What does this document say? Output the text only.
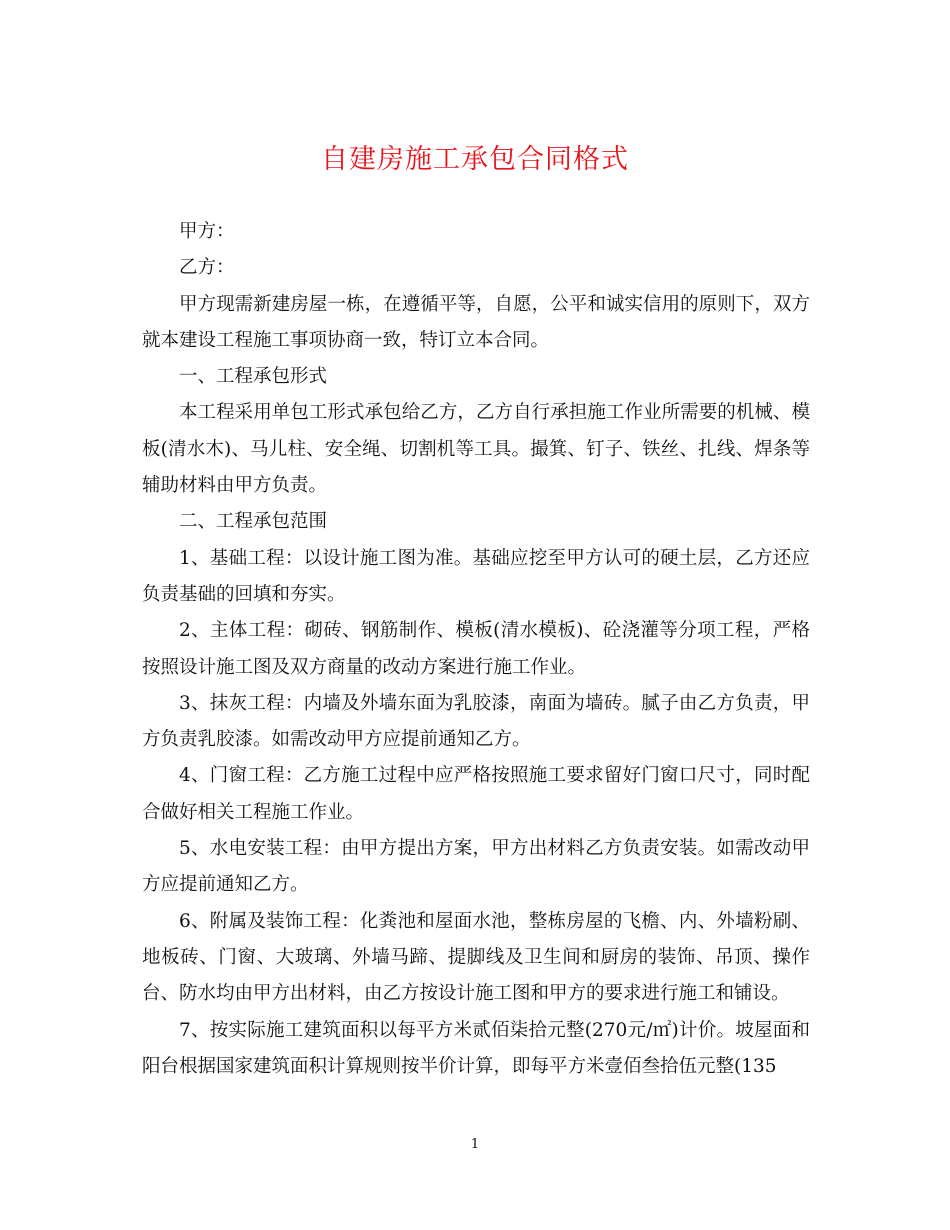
自建房施工承包合同格式

甲方：

乙方：

甲方现需新建房屋一栋，在遵循平等，自愿，公平和诚实信用的原则下，双方就本建设工程施工事项协商一致，特订立本合同。

一、工程承包形式

本工程采用单包工形式承包给乙方，乙方自行承担施工作业所需要的机械、模板(清水木)、马儿柱、安全绳、切割机等工具。撮箕、钉子、铁丝、扎线、焊条等辅助材料由甲方负责。

二、工程承包范围

1、基础工程：以设计施工图为准。基础应挖至甲方认可的硬土层，乙方还应负责基础的回填和夯实。

2、主体工程：砌砖、钢筋制作、模板(清水模板)、砼浇灌等分项工程，严格按照设计施工图及双方商量的改动方案进行施工作业。

3、抹灰工程：内墙及外墙东面为乳胶漆，南面为墙砖。腻子由乙方负责，甲方负责乳胶漆。如需改动甲方应提前通知乙方。

4、门窗工程：乙方施工过程中应严格按照施工要求留好门窗口尺寸，同时配合做好相关工程施工作业。

5、水电安装工程：由甲方提出方案，甲方出材料乙方负责安装。如需改动甲方应提前通知乙方。

6、附属及装饰工程：化粪池和屋面水池，整栋房屋的飞檐、内、外墙粉刷、地板砖、门窗、大玻璃、外墙马蹄、提脚线及卫生间和厨房的装饰、吊顶、操作台、防水均由甲方出材料，由乙方按设计施工图和甲方的要求进行施工和铺设。

7、按实际施工建筑面积以每平方米贰佰柒拾元整(270元/㎡)计价。坡屋面和阳台根据国家建筑面积计算规则按半价计算，即每平方米壹佰叁拾伍元整(135

1
